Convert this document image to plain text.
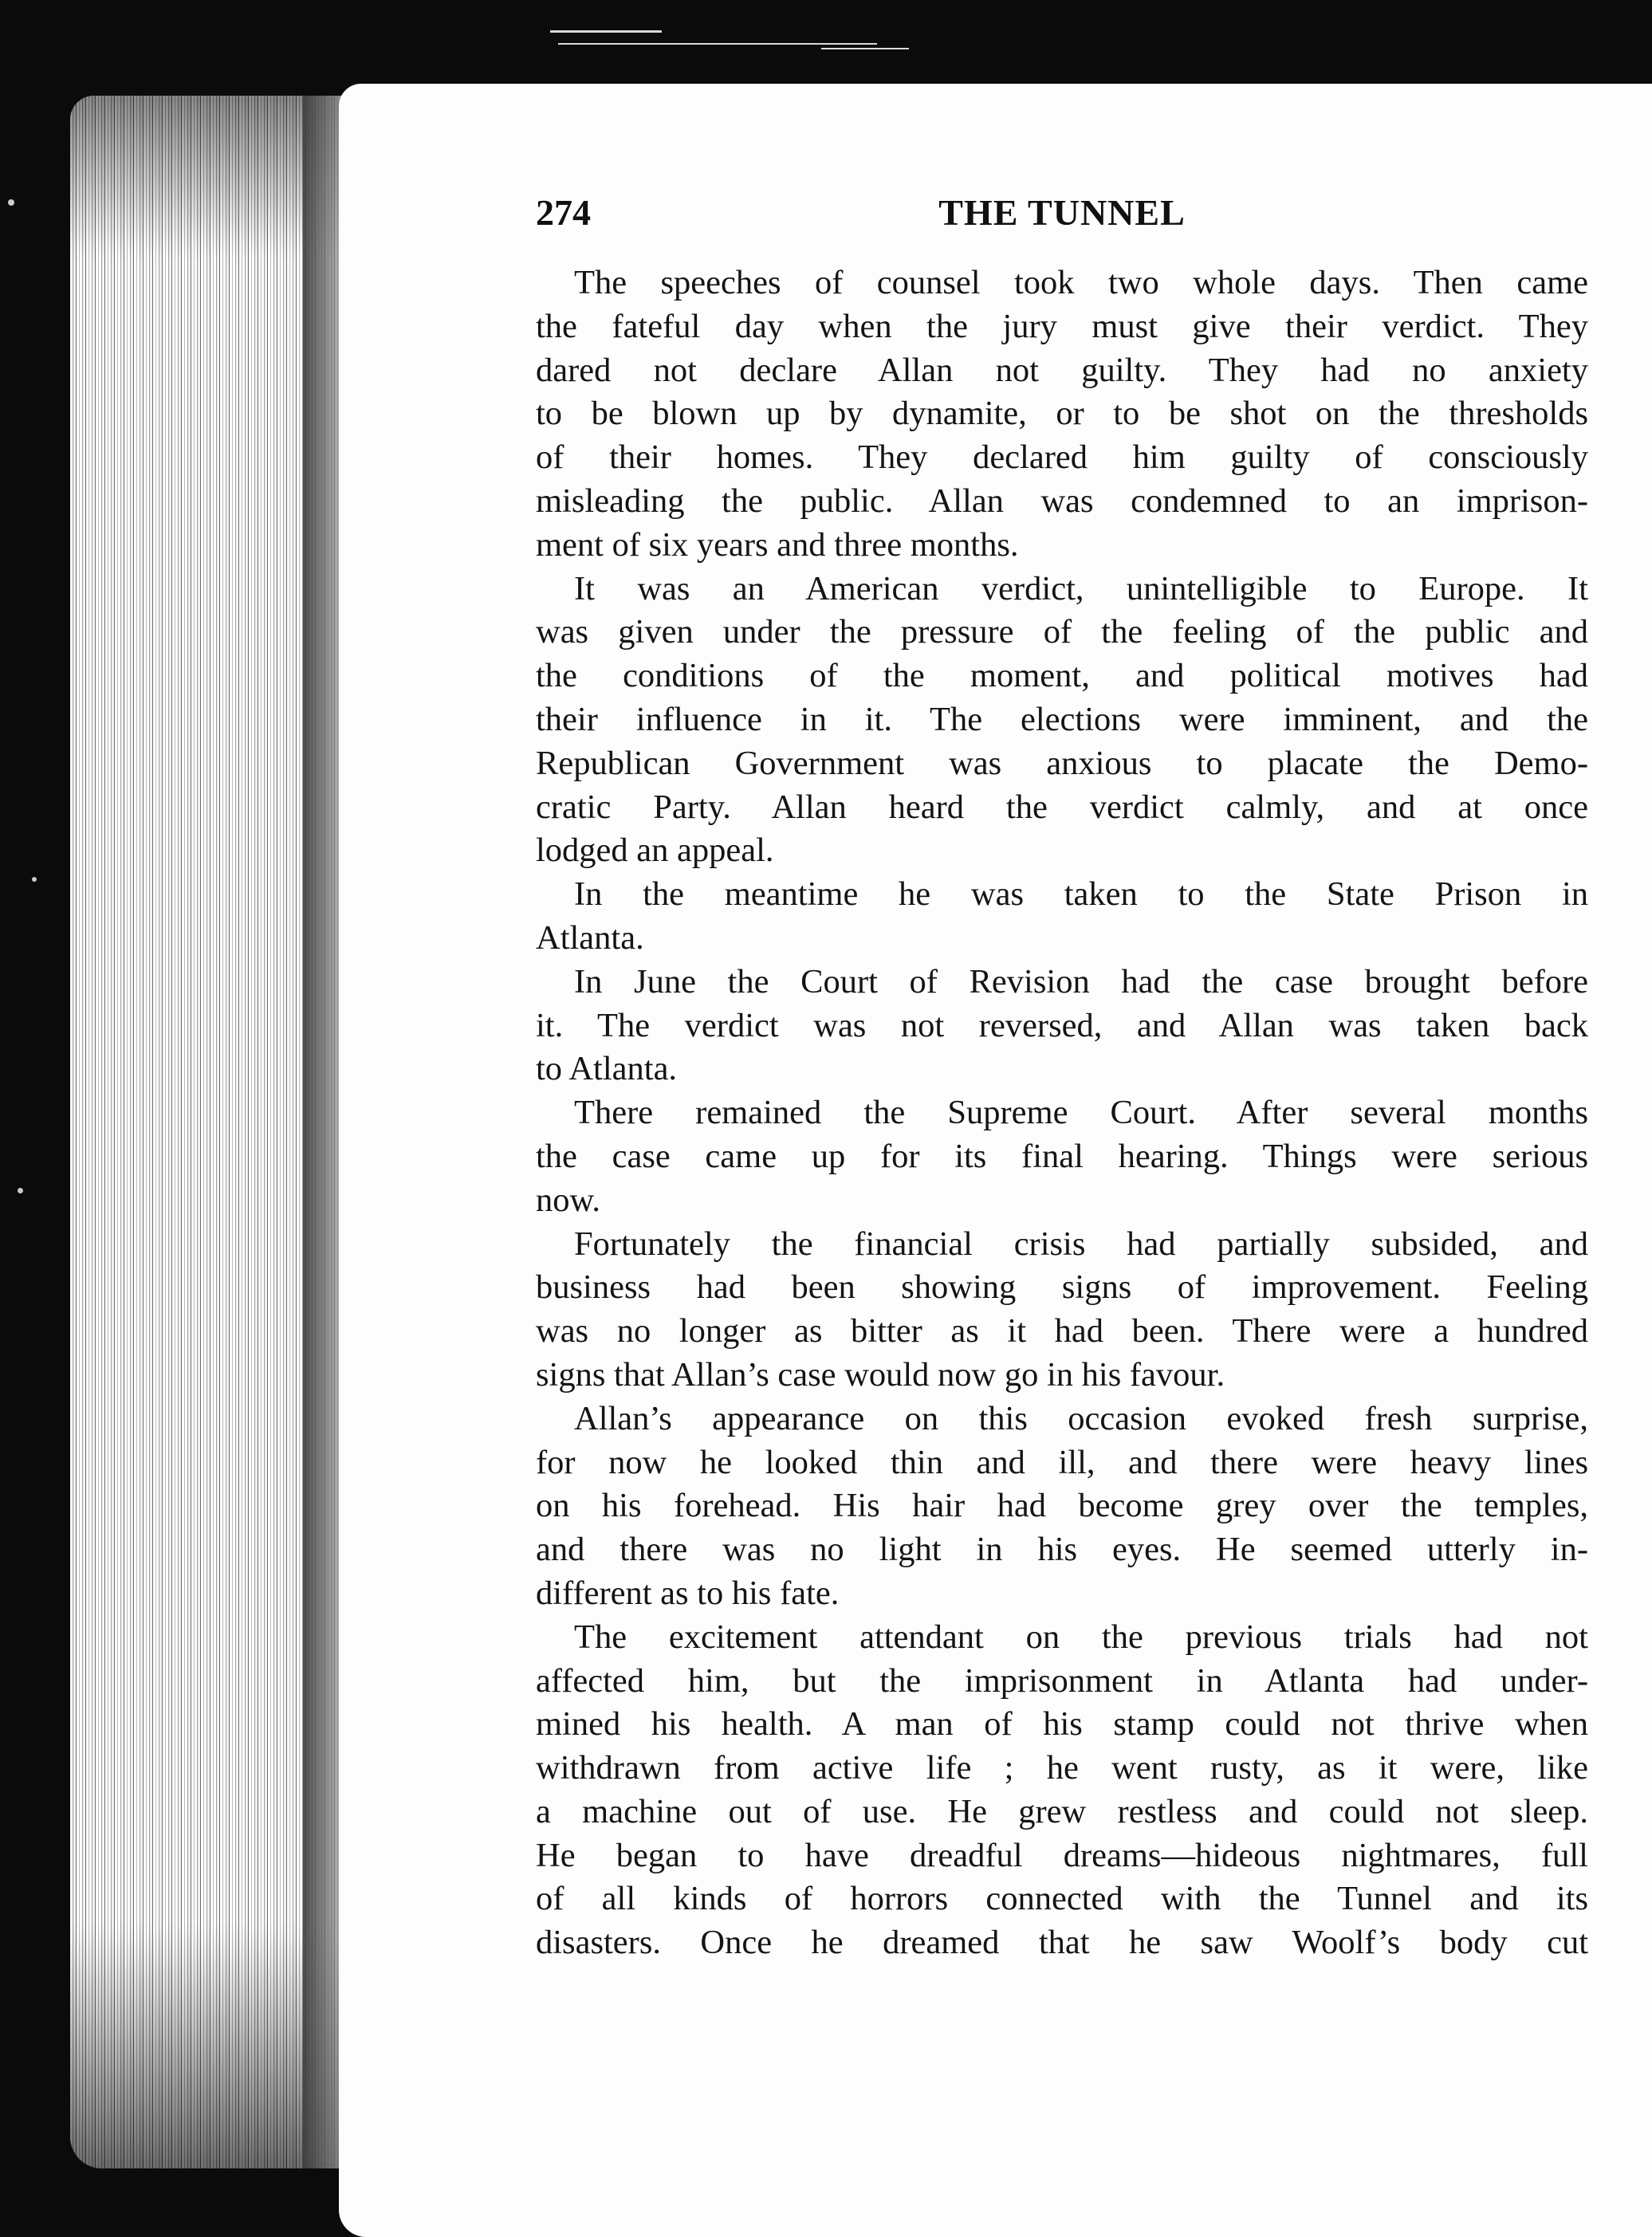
274	THE TUNNEL
The speeches of counsel took two whole days. Then came
the fateful day when the jury must give their verdict. They
dared not declare Allan not guilty. They had no anxiety
to be blown up by dynamite, or to be shot on the thresholds
of their homes. They declared him guilty of consciously
misleading the public. Allan was condemned to an imprison-
ment of six years and three months.
It was an American verdict, unintelligible to Europe. It
was given under the pressure of the feeling of the public and
the conditions of the moment, and political motives had
their influence in it. The elections were imminent, and the
Republican Government was anxious to placate the Demo-
cratic Party. Allan heard the verdict calmly, and at once
lodged an appeal.
In the meantime he was taken to the State Prison in
Atlanta.
In June the Court of Revision had the case brought before
it. The verdict was not reversed, and Allan was taken back
to Atlanta.
There remained the Supreme Court. After several months
the case came up for its final hearing. Things were serious
now.
Fortunately the financial crisis had partially subsided, and
business had been showing signs of improvement. Feeling
was no longer as bitter as it had been. There were a hundred
signs that Allan’s case would now go in his favour.
Allan’s appearance on this occasion evoked fresh surprise,
for now he looked thin and ill, and there were heavy lines
on his forehead. His hair had become grey over the temples,
and there was no light in his eyes. He seemed utterly in-
different as to his fate.
The excitement attendant on the previous trials had not
affected him, but the imprisonment in Atlanta had under-
mined his health. A man of his stamp could not thrive when
withdrawn from active life ; he went rusty, as it were, like
a machine out of use. He grew restless and could not sleep.
He began to have dreadful dreams—hideous nightmares, full
of all kinds of horrors connected with the Tunnel and its
disasters. Once he dreamed that he saw Woolf’s body cut
